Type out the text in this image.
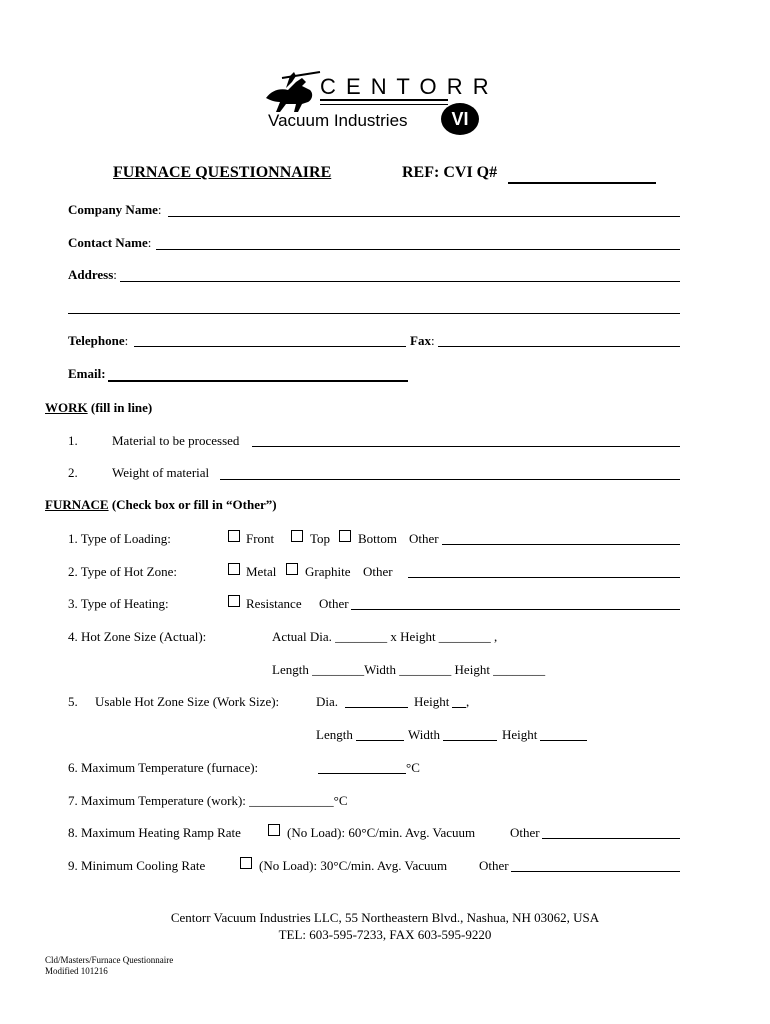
C E N T O R R
Vacuum Industries	VI
FURNACE QUESTIONNAIRE	REF: CVI Q#
Company Name:
Contact Name:
Address:
Telephone:	Fax:
Email:
WORK (fill in line)
1.	Material to be processed
2.	Weight of material
FURNACE (Check box or fill in “Other”)
1. Type of Loading:	Front	Top Bottom Other
2. Type of Hot Zone:	Metal Graphite Other
3. Type of Heating:	Resistance Other
4. Hot Zone Size (Actual):	Actual Dia. ________ x Height ________ ,
Length ________Width ________ Height ________
5. Usable Hot Zone Size (Work Size):	Dia.	Height ,
Length	Width	Height
6. Maximum Temperature (furnace):	°C
7. Maximum Temperature (work): _____________°C
8. Maximum Heating Ramp Rate	(No Load): 60°C/min. Avg. Vacuum	Other
9. Minimum Cooling Rate	(No Load): 30°C/min. Avg. Vacuum Other
Centorr Vacuum Industries LLC, 55 Northeastern Blvd., Nashua, NH 03062, USA
TEL: 603-595-7233, FAX 603-595-9220
Cld/Masters/Furnace Questionnaire
Modified 101216
